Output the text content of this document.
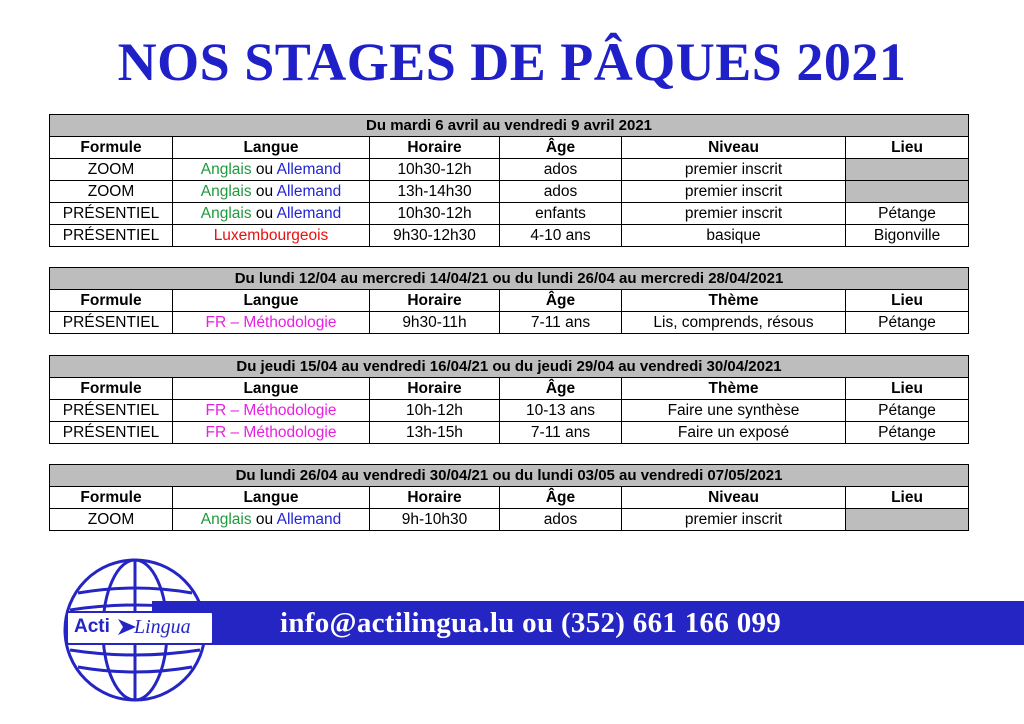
NOS STAGES DE PÂQUES 2021
Du mardi 6 avril au vendredi 9 avril 2021					
Formule	Langue	Horaire	Âge	Niveau	Lieu
ZOOM	Anglais ou Allemand	10h30-12h	ados	premier inscrit	
ZOOM	Anglais ou Allemand	13h-14h30	ados	premier inscrit	
PRÉSENTIEL	Anglais ou Allemand	10h30-12h	enfants	premier inscrit	Pétange
PRÉSENTIEL	Luxembourgeois	9h30-12h30	4-10 ans	basique	Bigonville
Du lundi 12/04 au mercredi 14/04/21 ou du lundi 26/04 au mercredi 28/04/2021					
Formule	Langue	Horaire	Âge	Thème	Lieu
PRÉSENTIEL	FR – Méthodologie	9h30-11h	7-11 ans	Lis, comprends, résous	Pétange
Du jeudi 15/04 au vendredi 16/04/21 ou du jeudi 29/04 au vendredi 30/04/2021					
Formule	Langue	Horaire	Âge	Thème	Lieu
PRÉSENTIEL	FR – Méthodologie	10h-12h	10-13 ans	Faire une synthèse	Pétange
PRÉSENTIEL	FR – Méthodologie	13h-15h	7-11 ans	Faire un exposé	Pétange
Du lundi 26/04 au vendredi 30/04/21 ou du lundi 03/05 au vendredi 07/05/2021					
Formule	Langue	Horaire	Âge	Niveau	Lieu
ZOOM	Anglais ou Allemand	9h-10h30	ados	premier inscrit	
info@actilingua.lu ou (352) 661 166 099
Acti Lingua
